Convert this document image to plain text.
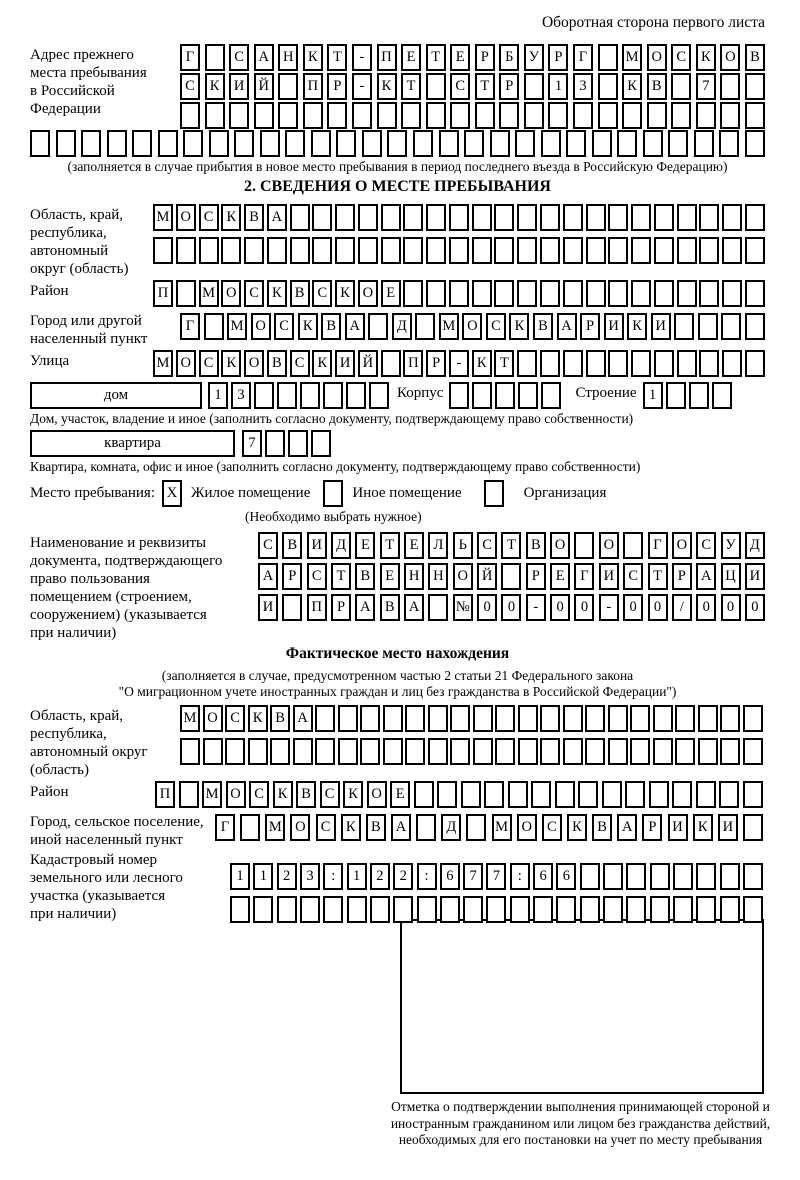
Оборотная сторона первого листа
Адрес прежнего
места пребывания
в Российской
Федерации
Г	С А Н К	Т	-	П	Е	Т	Е	Р	Б	У	Р	Г	М О С	К О В
С	К И Й	П	Р	-	К	Т	С	Т	Р	1	3	К	В	7
(заполняется в случае прибытия в новое место пребывания в период последнего въезда в Российскую Федерацию)
2. СВЕДЕНИЯ О МЕСТЕ ПРЕБЫВАНИЯ
Область, край,
республика,
автономный
округ (область)
М О С К В А
Район	П	М О С К В С К О Е
Город или другой
населенный пункт
Г	М О С К В А	Д	М О С К В А Р И К И
Улица	М О С К О В С К И Й	П Р	-	К Т
дом	1	3	Корпус	Строение 1
Дом, участок, владение и иное (заполнить согласно документу, подтверждающему право собственности)
квартира	7
Квартира, комната, офис и иное (заполнить согласно документу, подтверждающему право собственности)
Место пребывания: X Жилое помещение	Иное помещение	Организация
(Необходимо выбрать нужное)
Наименование и реквизиты
документа, подтверждающего
право пользования
помещением (строением,
сооружением) (указывается
при наличии)
С	В И Д	Е	Т	Е	Л	Ь	С	Т	В О	О	Г	О С У Д
А	Р	С	Т	В	Е	Н Н О Й	Р	Е	Г	И С	Т	Р	А Ц И
И	П	Р	А В А	№ 0	0	-	0	0	-	0	0	/	0	0	0
Фактическое место нахождения
(заполняется в случае, предусмотренном частью 2 статьи 21 Федерального закона
"О миграционном учете иностранных граждан и лиц без гражданства в Российской Федерации")
Область, край,
республика,
автономный округ
(область)
М О С К В А
Район	П	М О С К В С К О Е
Город, сельское поселение,
иной населенный пункт
Г	М О	С	К	В	А	Д	М О	С	К	В	А	Р	И	К	И
Кадастровый номер
земельного или лесного
участка (указывается
при наличии)
1	1	2	3	:	1	2	2	:	6	7	7	:	6	6
Отметка о подтверждении выполнения принимающей стороной и иностранным гражданином или лицом без гражданства действий, необходимых для его постановки на учет по месту пребывания
